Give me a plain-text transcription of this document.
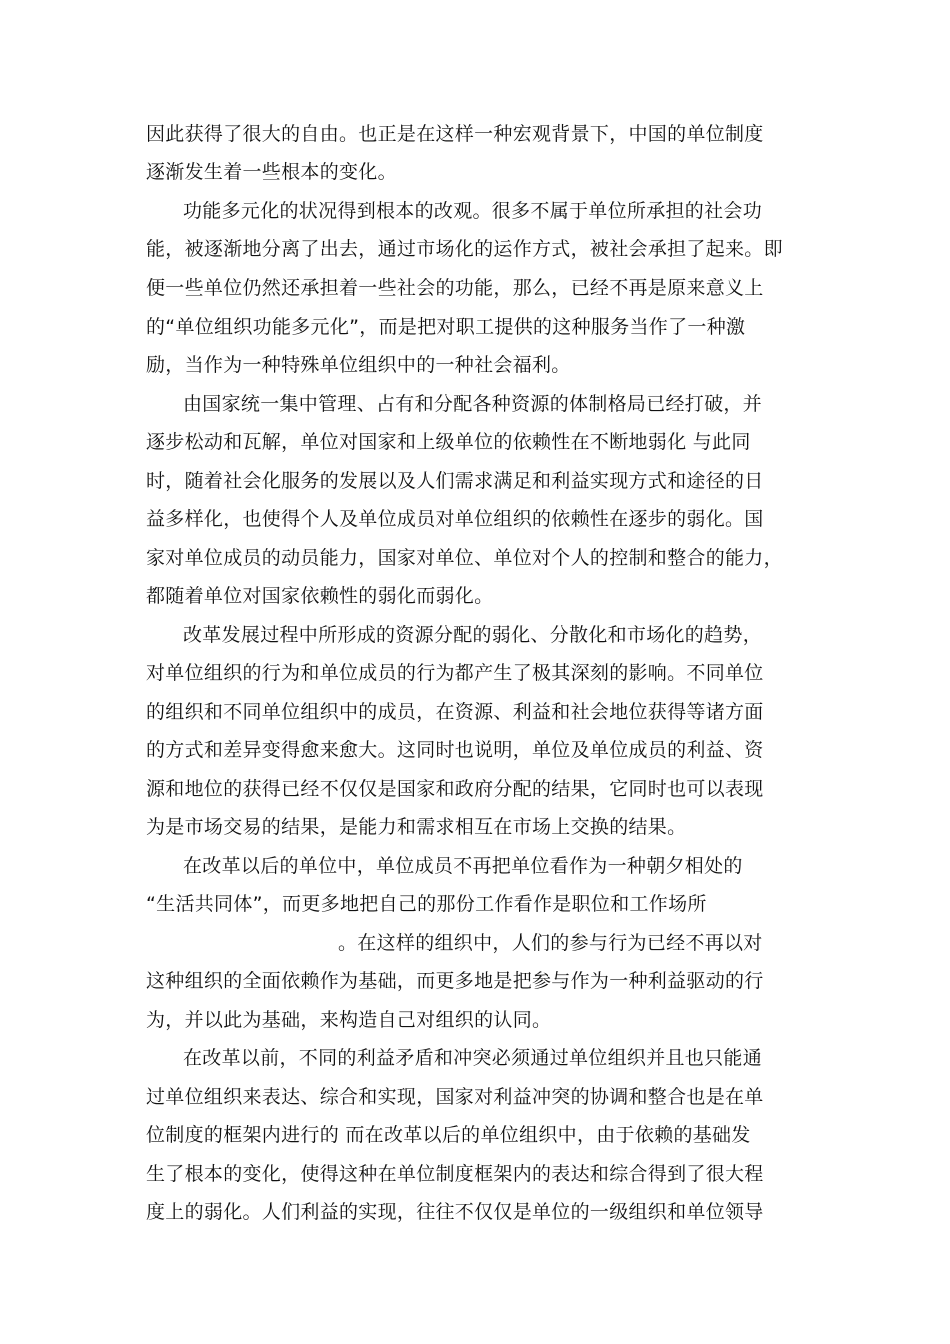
因此获得了很大的自由。也正是在这样一种宏观背景下，中国的单位制度
逐渐发生着一些根本的变化。
功能多元化的状况得到根本的改观。很多不属于单位所承担的社会功
能，被逐渐地分离了出去，通过市场化的运作方式，被社会承担了起来。即
便一些单位仍然还承担着一些社会的功能，那么，已经不再是原来意义上
的“单位组织功能多元化”，而是把对职工提供的这种服务当作了一种激
励，当作为一种特殊单位组织中的一种社会福利。
由国家统一集中管理、占有和分配各种资源的体制格局已经打破，并
逐步松动和瓦解，单位对国家和上级单位的依赖性在不断地弱化 与此同
时，随着社会化服务的发展以及人们需求满足和利益实现方式和途径的日
益多样化，也使得个人及单位成员对单位组织的依赖性在逐步的弱化。国
家对单位成员的动员能力，国家对单位、单位对个人的控制和整合的能力，
都随着单位对国家依赖性的弱化而弱化。
改革发展过程中所形成的资源分配的弱化、分散化和市场化的趋势，
对单位组织的行为和单位成员的行为都产生了极其深刻的影响。不同单位
的组织和不同单位组织中的成员，在资源、利益和社会地位获得等诸方面
的方式和差异变得愈来愈大。这同时也说明，单位及单位成员的利益、资
源和地位的获得已经不仅仅是国家和政府分配的结果，它同时也可以表现
为是市场交易的结果，是能力和需求相互在市场上交换的结果。
在改革以后的单位中，单位成员不再把单位看作为一种朝夕相处的
“生活共同体”，而更多地把自己的那份工作看作是职位和工作场所
。在这样的组织中，人们的参与行为已经不再以对
这种组织的全面依赖作为基础，而更多地是把参与作为一种利益驱动的行
为，并以此为基础，来构造自己对组织的认同。
在改革以前，不同的利益矛盾和冲突必须通过单位组织并且也只能通
过单位组织来表达、综合和实现，国家对利益冲突的协调和整合也是在单
位制度的框架内进行的 而在改革以后的单位组织中，由于依赖的基础发
生了根本的变化，使得这种在单位制度框架内的表达和综合得到了很大程
度上的弱化。人们利益的实现，往往不仅仅是单位的一级组织和单位领导
